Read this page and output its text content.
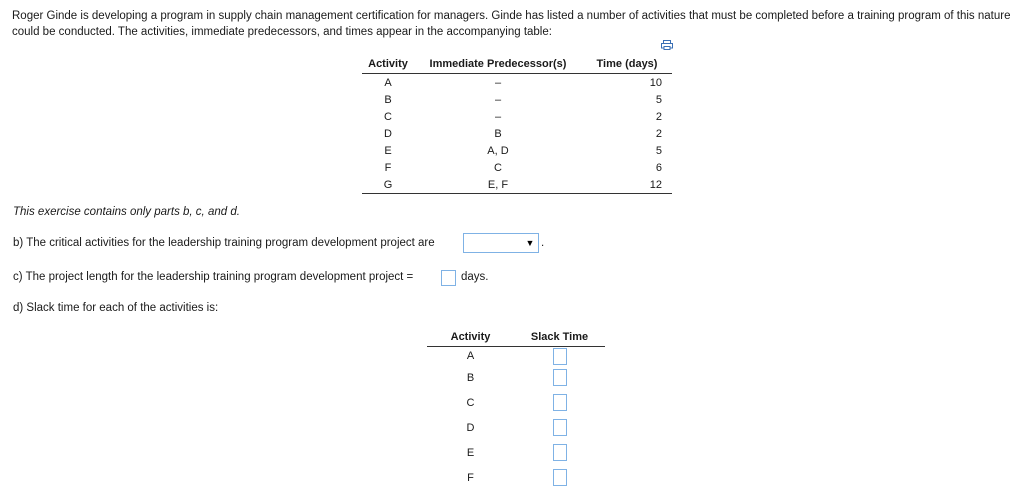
Roger Ginde is developing a program in supply chain management certification for managers. Ginde has listed a number of activities that must be completed before a training program of this nature could be conducted. The activities, immediate predecessors, and times appear in the accompanying table:
Activity	Immediate Predecessor(s)	Time (days)
A	–	10
B	–	5
C	–	2
D	B	2
E	A, D	5
F	C	6
G	E, F	12
This exercise contains only parts b, c, and d.
b) The critical activities for the leadership training program development project are	▼ .
c) The project length for the leadership training program development project =	days.
d) Slack time for each of the activities is:
Activity	Slack Time
A	
B	
C	
D	
E	
F	
